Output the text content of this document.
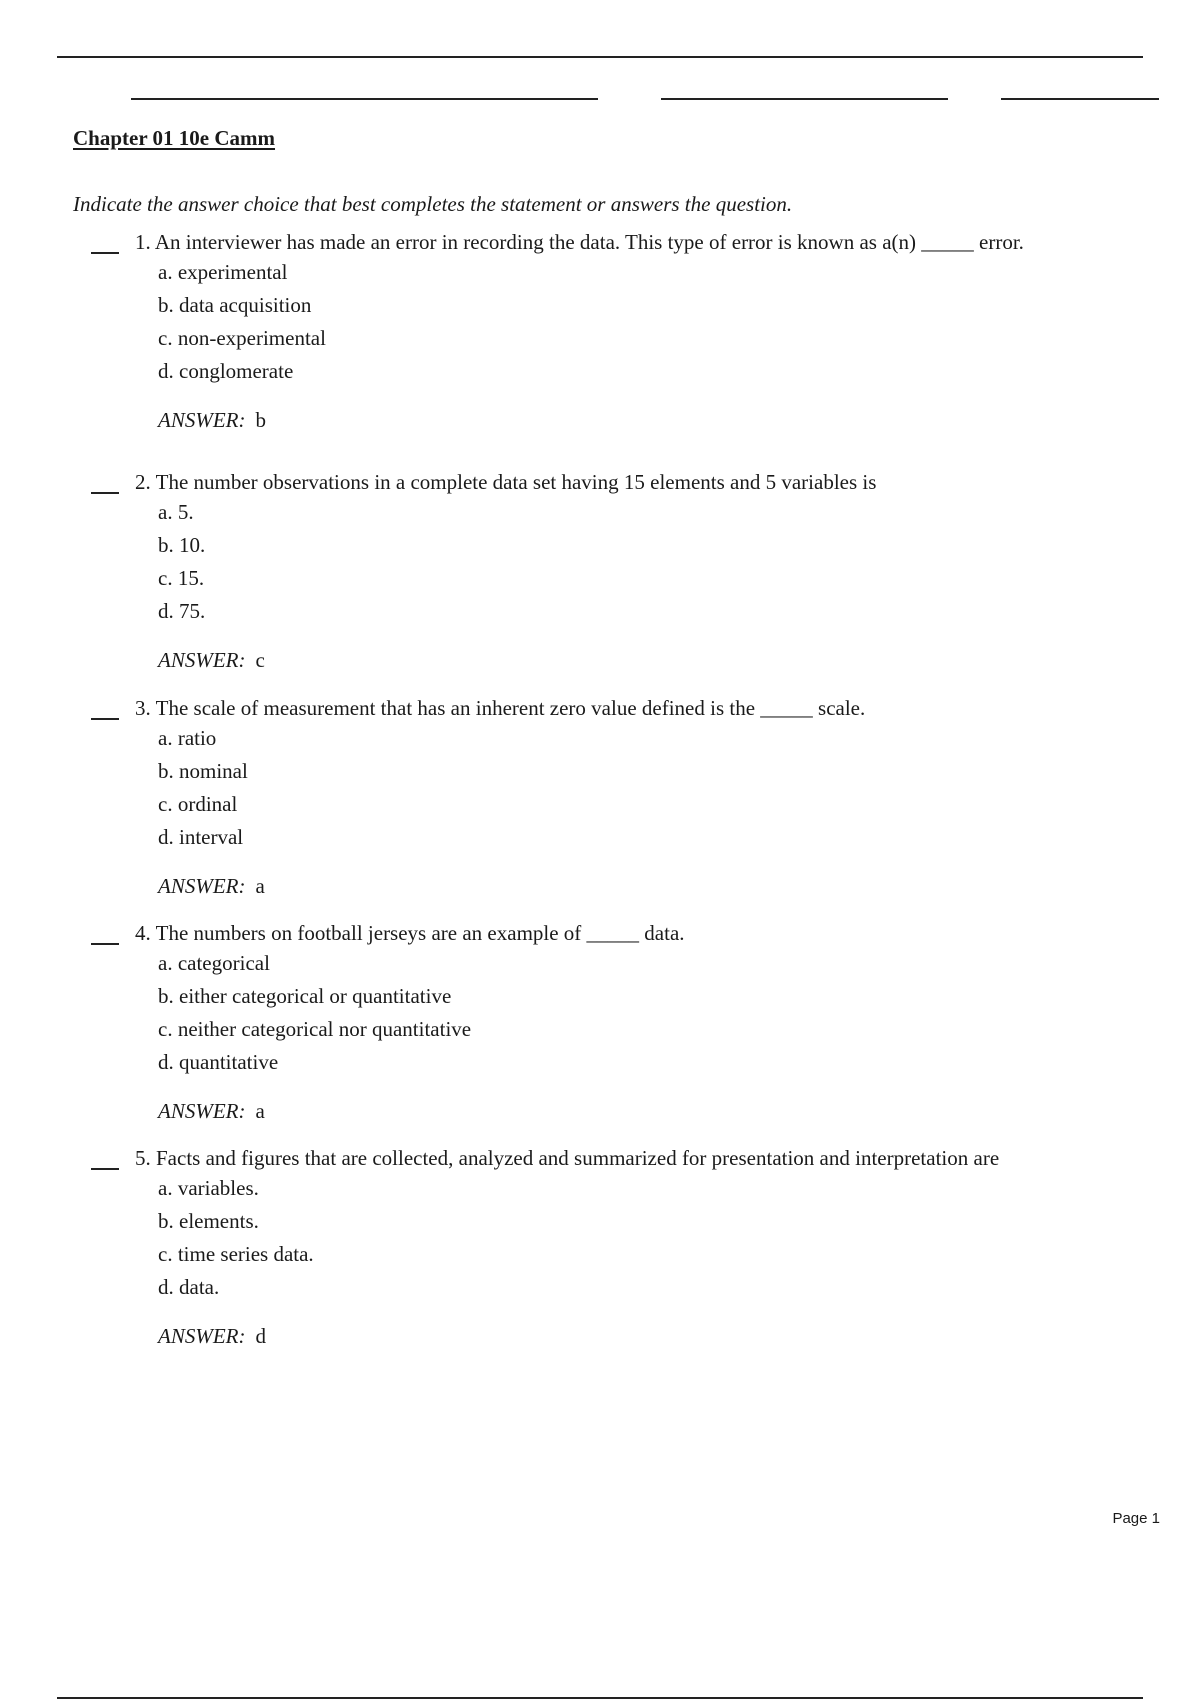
Chapter 01 10e Camm
Indicate the answer choice that best completes the statement or answers the question.
1. An interviewer has made an error in recording the data. This type of error is known as a(n) _____ error.
a. experimental
b. data acquisition
c. non-experimental
d. conglomerate
ANSWER: b
2. The number observations in a complete data set having 15 elements and 5 variables is
a. 5.
b. 10.
c. 15.
d. 75.
ANSWER: c
3. The scale of measurement that has an inherent zero value defined is the _____ scale.
a. ratio
b. nominal
c. ordinal
d. interval
ANSWER: a
4. The numbers on football jerseys are an example of _____ data.
a. categorical
b. either categorical or quantitative
c. neither categorical nor quantitative
d. quantitative
ANSWER: a
5. Facts and figures that are collected, analyzed and summarized for presentation and interpretation are
a. variables.
b. elements.
c. time series data.
d. data.
ANSWER: d
Page 1
